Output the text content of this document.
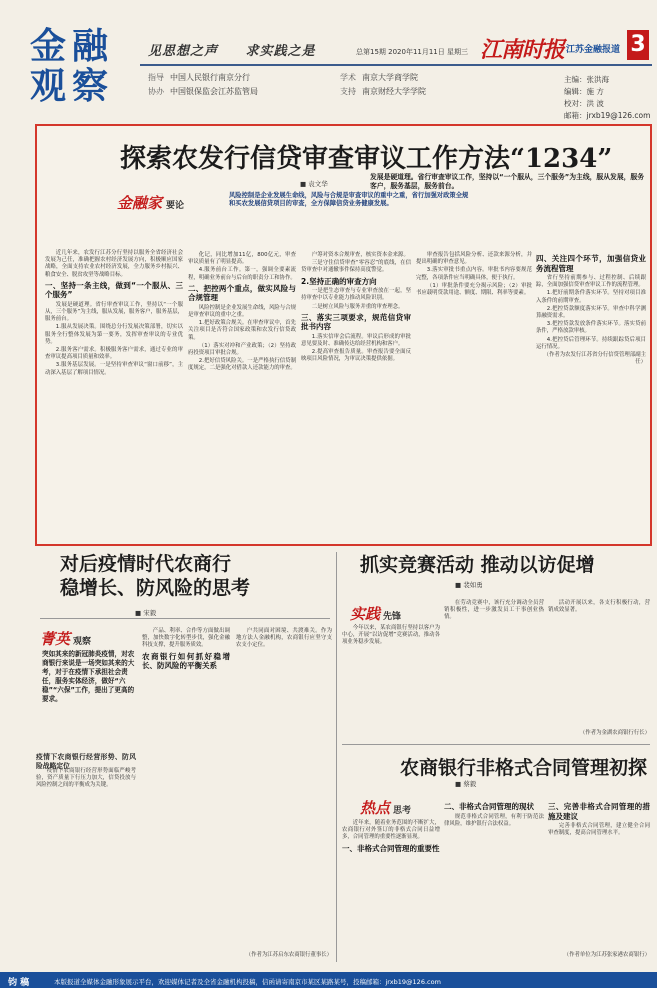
金 融
观 察
见思想之声 求实践之是	总第15期 2020年11月11日 星期三 江南时报 江苏金融报道 3
指导 中国人民银行南京分行
协办 中国银保监会江苏监管局
学术 南京大学商学院
支持 南京财经大学学院
主编：张洪海
编辑：施 方
校对：洪 波
邮箱：jrxb19@126.com
探索农发行信贷审查审议工作方法“1234”
■ 袁文华
发展是硬道理。省行审查审议工作，坚持以“一个服从，三个服务”为主线，服从发展，服务客户，服务基层，服务前台。
金融家 要论
风险控制是企业发展生命线，风险与合规是审查审议的重中之重，省行加强对政策全规和买农发展信贷项目的审查，全方保障信贷业务健康发展。

近几年来，农发行江苏分行坚持以服务全省经济社会发展为己任，准确把握农村经济发展方向，积极顺应国家战略，全面支持农业农村经济发展，全力服务乡村振兴、粮食安全、脱贫攻坚等战略目标。

一、坚持一条主线，做到“一个服从、三个服务”

发展是硬道理。省行审查审议工作，坚持以“一个服从，三个服务”为主线，服从发展，服务客户，服务基层，服务前台。

1.服从发展决策。围绕总分行发展决策部署，切实以服务全行整体发展为第一要务，发挥审查审议的专业优势。

2.服务客户需求。积极服务客户需求，通过专业的审查审议提高项目质量和效率。

3.服务基层发展。一是坚持审查审议“窗口前移”，主动深入基层了解项目情况。

化记，同比增加11亿，800亿元，审查审议质量有了明显提高。

4.服务前台工作。第一，强调全要素流程，明确业务前台与后台的职责分工和协作。

二、把控两个重点，做实风险与合规管理

风险控制是企业发展生命线，风险与合规是审查审议的重中之重。

1.把好政策合规关。在审查审议中，首先关注项目是否符合国家政策和农发行信贷政策。

（1）落实对冲和产业政策；（2）坚持政府投资项目审批合规。

2.把好信贷风险关。一是严格执行信贷制度规定，二是强化对借款人还款能力的审查。

户筹对资本合规审查，核实资本金来源。

三是守住信贷审查“零容忍”的底线，在信贷审查中对通辙事件保持高度警觉。

2.坚持正确的审查方向

一是把生态审查与专业审查放在一起，坚持审查中以专业能力推动风险识别。

二是树立风险与服务并重的审查理念。

三、落实三项要求，规范信贷审批书内容

1.落实信审会后流程。审议后形成的审批意见要及时、准确传达给经营机构和客户。

2.提高审查报告质量。审查报告要全面反映项目风险情况，为审议决策提供依据。

审查报告包括风险分析、还款来源分析，并提出明确的审查意见。

3.落实审批书重点内容。审批书内容要规范完整，各项条件应当明确具体，便于执行。

（1）审批条件要充分揭示风险；（2）审批书应载明贷款用途、额度、期限、利率等要素。

四、关注四个环节，加强信贷业务流程管理

省行坚持前期参与、过程控制、后续跟踪，全面加强信贷审查审议工作的流程管理。

1.把好前期条件落实环节。坚持对项目准入条件的前期审查。

2.把控贷款额度落实环节。审查中科学测算融资需求。

3.把控贷款发放条件落实环节。落实贷前条件，严格放款审核。

4.把控贷后管理环节。持续跟踪贷后项目运行情况。

（作者为农发行江苏省分行信贷管理部副主任）

对后疫情时代农商行
稳增长、防风险的思考
■ 宋毅
菁英 观察
突如其来的新冠肺炎疫情，对农商银行来说是一场突如其来的大考，对于在疫情下承担社会责任，服务实体经济，做好“六稳”“六保”工作，提出了更高的要求。
疫情下农商银行经营形势、防风险战略定位

疫情下农商银行经营形势面临严峻考验，资产质量下行压力加大，信贷投放与风险控制之间的平衡成为关键。

产品、利率、合作等方面做出调整，加快数字化转型步伐，强化金融科技支撑，提升服务质效。

农商银行如何抓好稳增长、防风险的平衡关系

户共同面对困境、共渡难关。作为地方法人金融机构，农商银行应坚守支农支小定位。

（作者为江苏启东农商银行董事长）

抓实竞赛活动 推动以访促增
■ 裴如勇
实践 先锋

今年以来，某农商银行坚持以客户为中心，开展“以访促增”竞赛活动，推动各项业务稳步发展。

在劳动竞赛中，该行充分调动全员营销积极性，进一步激发员工干事创业热情。

活动开展以来，各支行积极行动，营销成效显著。

（作者为金湖农商银行行长）

农商银行非格式合同管理初探
■ 蔡毅
热点 思考

近年来，随着业务范围的不断扩大，农商银行对外签订的非格式合同日益增多，合同管理的重要性逐渐显现。

一、非格式合同管理的重要性

二、非格式合同管理的现状

规范非格式合同管理，有利于防范法律风险，维护银行合法权益。

三、完善非格式合同管理的措施及建议

完善非格式合同管理，建立健全合同审查制度，提高合同管理水平。

（作者单位为江苏张家港农商银行）

钧 稿	本版报道全媒体金融形象展示平台，欢迎媒体记者及全省金融机构投稿，信函请寄南京市某区某路某号，投稿邮箱：jrxb19@126.com
